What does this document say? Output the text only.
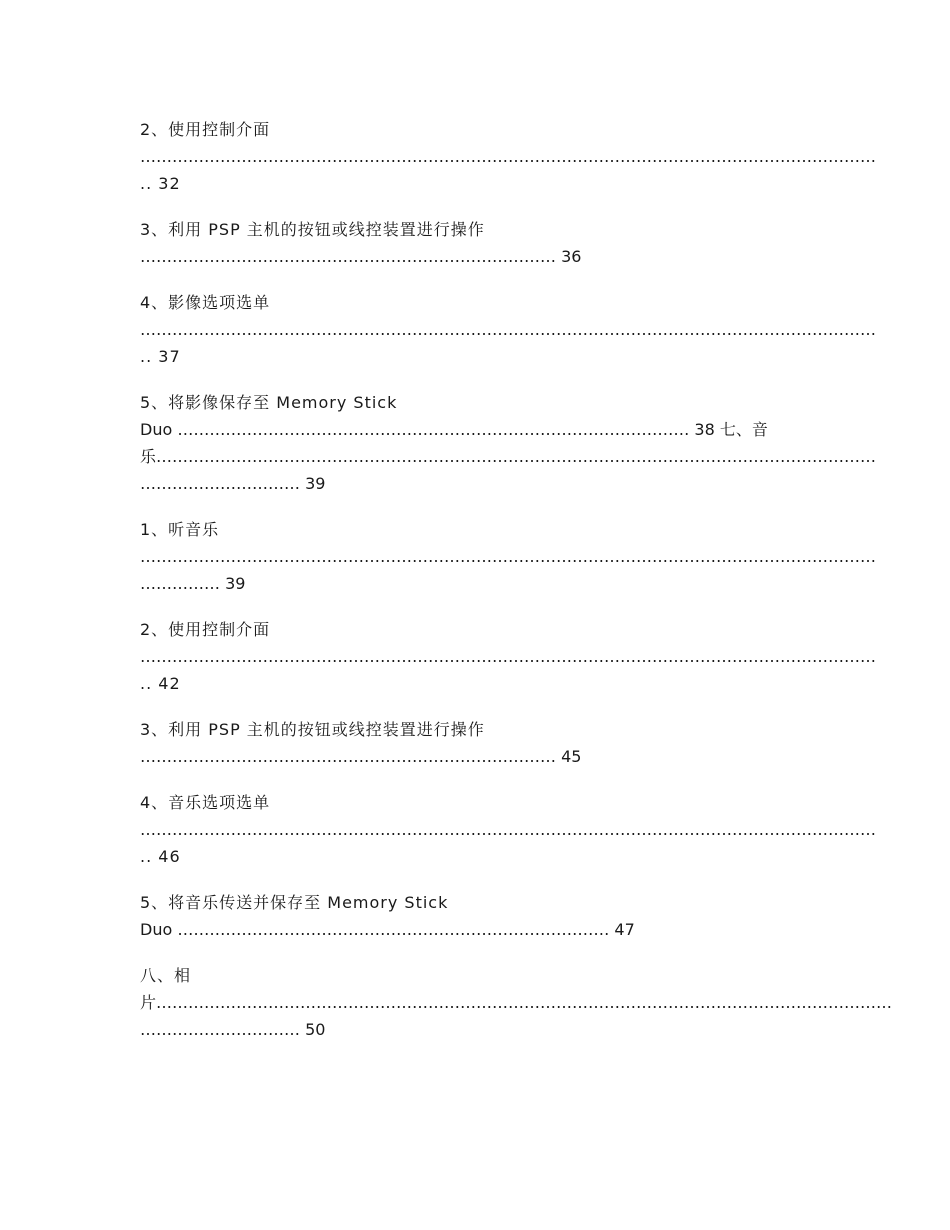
2、使用控制介面
…………………………………………………………………………………………………………………………
.. 32
3、利用 PSP 主机的按钮或线控装置进行操作
…………………………………………………………………… 36
4、影像选项选单
…………………………………………………………………………………………………………………………
.. 37
5、将影像保存至 Memory Stick
Duo …………………………………………………………………………………… 38 七、音
乐………………………………………………………………………………………………………………………
………………………… 39
1、听音乐
…………………………………………………………………………………………………………………………
…………… 39
2、使用控制介面
…………………………………………………………………………………………………………………………
.. 42
3、利用 PSP 主机的按钮或线控装置进行操作
…………………………………………………………………… 45
4、音乐选项选单
…………………………………………………………………………………………………………………………
.. 46
5、将音乐传送并保存至 Memory Stick
Duo ……………………………………………………………………… 47
八、相
片…………………………………………………………………………………………………………………………
………………………… 50
